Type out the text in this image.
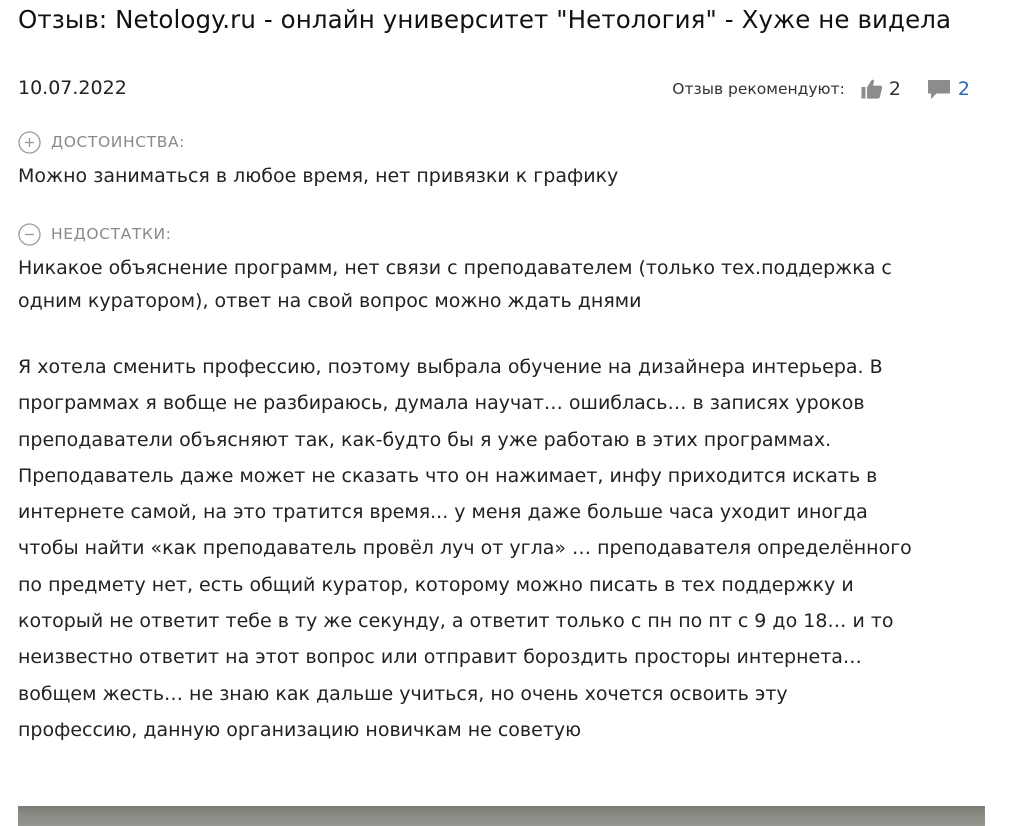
Отзыв: Netology.ru - онлайн университет "Нетология" - Хуже не видела
10.07.2022	Отзыв рекомендуют: 2	2
ДОСТОИНСТВА:

Можно заниматься в любое время, нет привязки к графику

НЕДОСТАТКИ:

Никакое объяснение программ, нет связи с преподавателем (только тех.поддержка с
одним куратором), ответ на свой вопрос можно ждать днями

Я хотела сменить профессию, поэтому выбрала обучение на дизайнера интерьера. В
программах я вобще не разбираюсь, думала научат… ошиблась… в записях уроков
преподаватели объясняют так, как-будто бы я уже работаю в этих программах.
Преподаватель даже может не сказать что он нажимает, инфу приходится искать в
интернете самой, на это тратится время... у меня даже больше часа уходит иногда
чтобы найти «как преподаватель провёл луч от угла» … преподавателя определённого
по предмету нет, есть общий куратор, которому можно писать в тех поддержку и
который не ответит тебе в ту же секунду, а ответит только с пн по пт с 9 до 18… и то
неизвестно ответит на этот вопрос или отправит бороздить просторы интернета…
вобщем жесть… не знаю как дальше учиться, но очень хочется освоить эту
профессию, данную организацию новичкам не советую
